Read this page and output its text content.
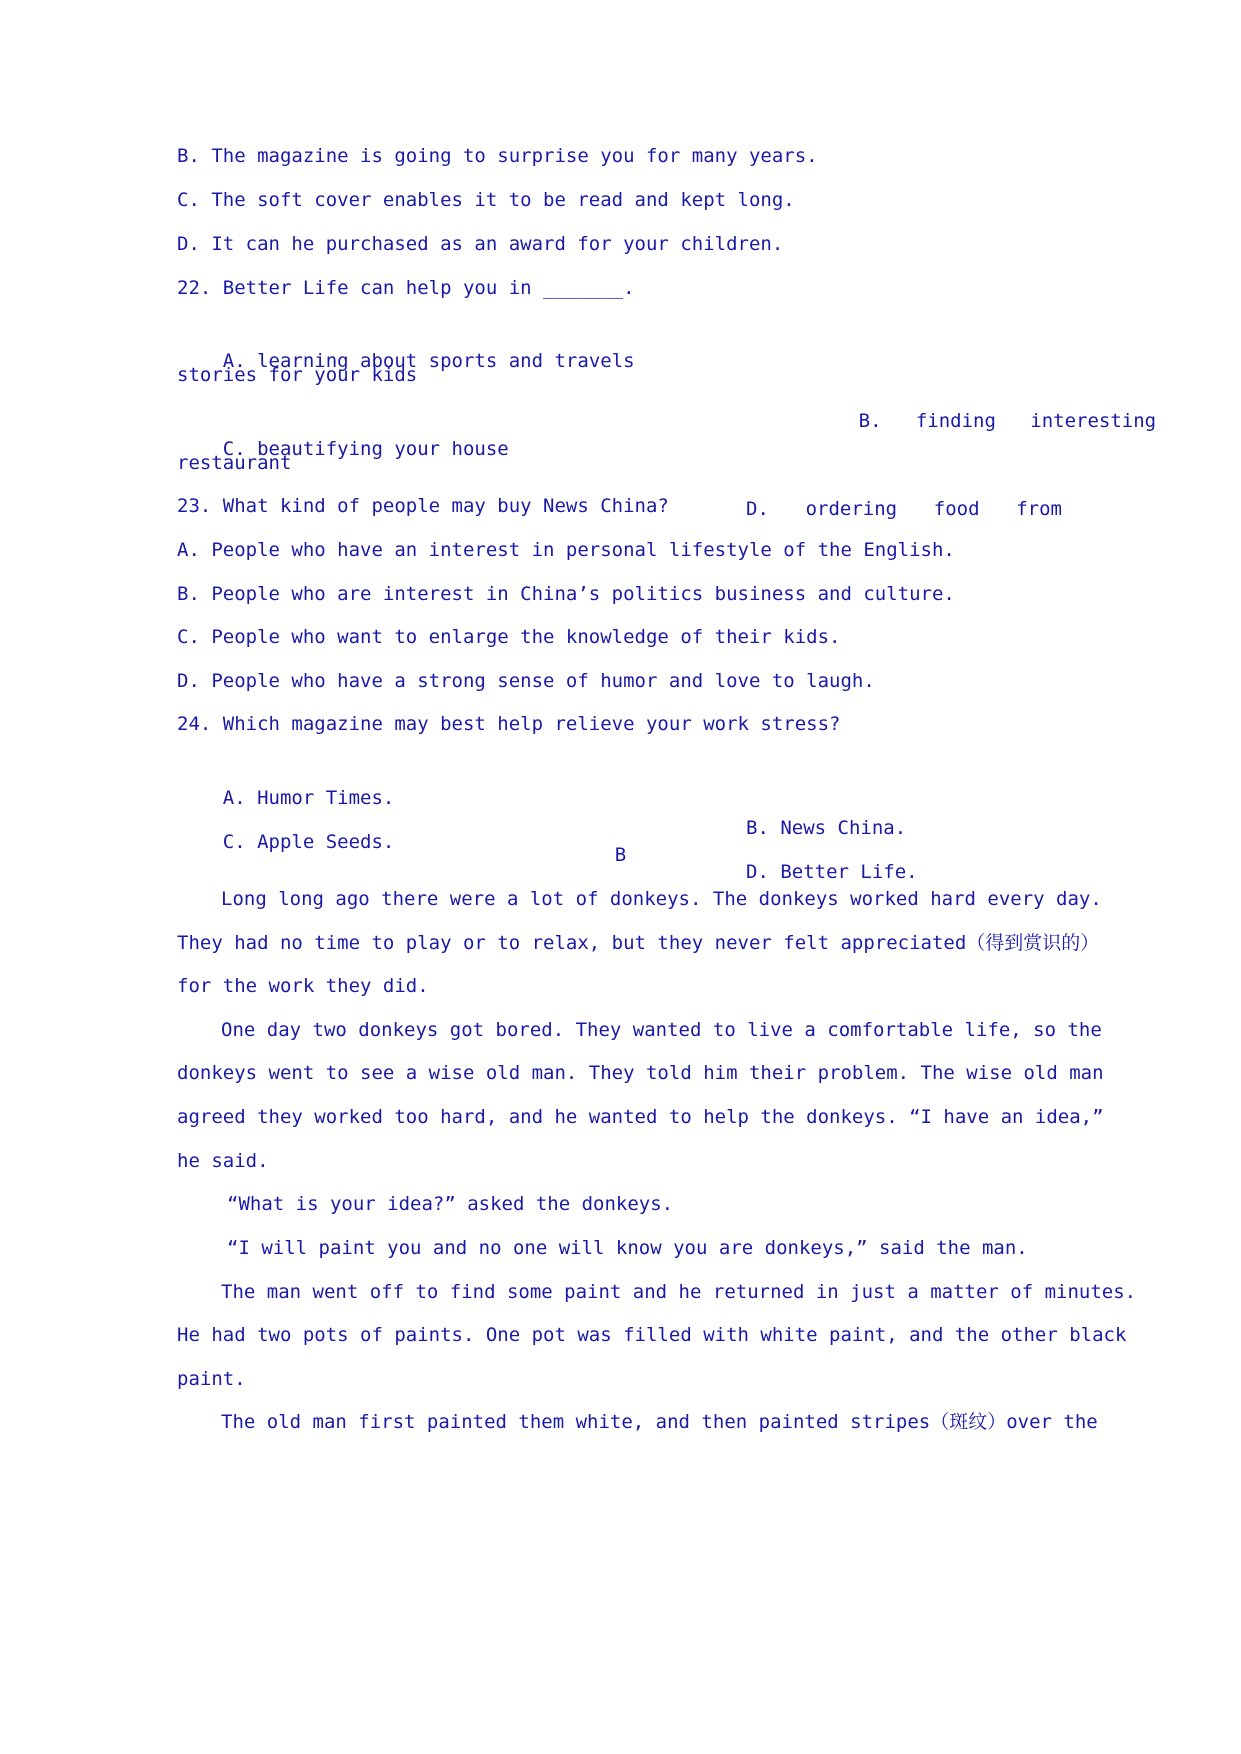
B. The magazine is going to surprise you for many years.
C. The soft cover enables it to be read and kept long.
D. It can he purchased as an award for your children.
22. Better Life can help you in _______.

A. learning about sports and travels

B. finding interesting

stories for your kids

C. beautifying your house

D. ordering food from

restaurant
23. What kind of people may buy News China?
A. People who have an interest in personal lifestyle of the English.
B. People who are interest in China’s politics business and culture.
C. People who want to enlarge the knowledge of their kids.
D. People who have a strong sense of humor and love to laugh.
24. Which magazine may best help relieve your work stress?

A. Humor Times.

B. News China.

C. Apple Seeds.

D. Better Life.

B
Long long ago there were a lot of donkeys. The donkeys worked hard every day.
They had no time to play or to relax, but they never felt appreciated（得到赏识的）
for the work they did.
One day two donkeys got bored. They wanted to live a comfortable life, so the
donkeys went to see a wise old man. They told him their problem. The wise old man
agreed they worked too hard, and he wanted to help the donkeys. “I have an idea,”
he said.
“What is your idea?” asked the donkeys.
“I will paint you and no one will know you are donkeys,” said the man.
The man went off to find some paint and he returned in just a matter of minutes.
He had two pots of paints. One pot was filled with white paint, and the other black
paint.
The old man first painted them white, and then painted stripes（斑纹）over the
